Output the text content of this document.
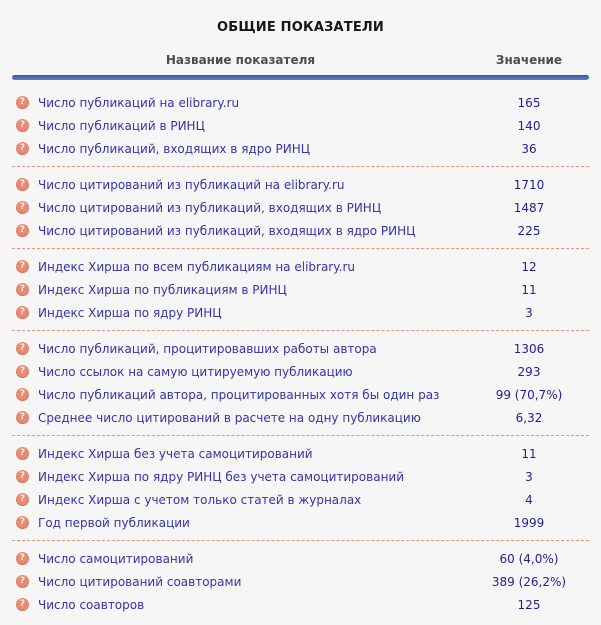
ОБЩИЕ ПОКАЗАТЕЛИ
Название показателя	Значение
?	Число публикаций на elibrary.ru	165
?	Число публикаций в РИНЦ	140
?	Число публикаций, входящих в ядро РИНЦ	36
?	Число цитирований из публикаций на elibrary.ru	1710
?	Число цитирований из публикаций, входящих в РИНЦ	1487
?	Число цитирований из публикаций, входящих в ядро РИНЦ	225
?	Индекс Хирша по всем публикациям на elibrary.ru	12
?	Индекс Хирша по публикациям в РИНЦ	11
?	Индекс Хирша по ядру РИНЦ	3
?	Число публикаций, процитировавших работы автора	1306
?	Число ссылок на самую цитируемую публикацию	293
?	Число публикаций автора, процитированных хотя бы один раз	99 (70,7%)
?	Среднее число цитирований в расчете на одну публикацию	6,32
?	Индекс Хирша без учета самоцитирований	11
?	Индекс Хирша по ядру РИНЦ без учета самоцитирований	3
?	Индекс Хирша с учетом только статей в журналах	4
?	Год первой публикации	1999
?	Число самоцитирований	60 (4,0%)
?	Число цитирований соавторами	389 (26,2%)
?	Число соавторов	125
